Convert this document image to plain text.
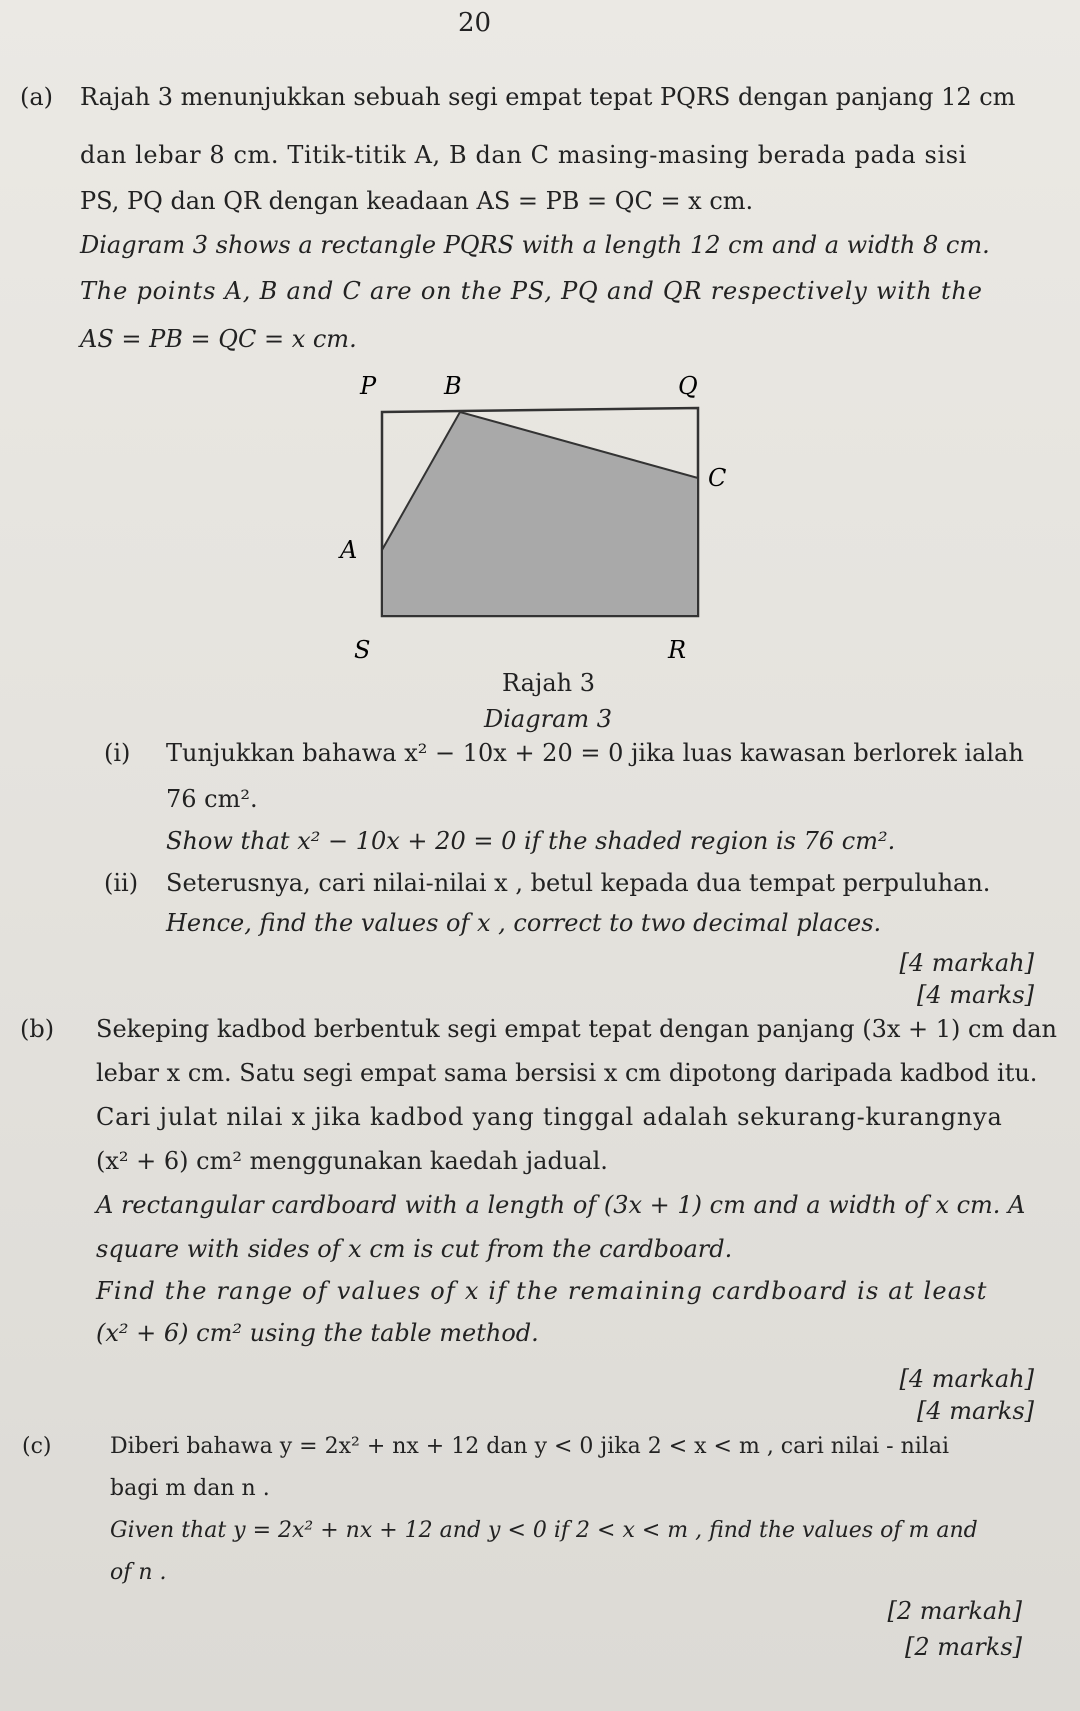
20
(a) Rajah 3 menunjukkan sebuah segi empat tepat PQRS dengan panjang 12 cm
dan lebar 8 cm. Titik-titik A, B dan C masing-masing berada pada sisi
PS, PQ dan QR dengan keadaan AS = PB = QC = x cm.
Diagram 3 shows a rectangle PQRS with a length 12 cm and a width 8 cm.
The points A, B and C are on the PS, PQ and QR respectively with the
AS = PB = QC = x cm.
P	B	Q
C
A
S	R
Rajah 3
Diagram 3
(i) Tunjukkan bahawa x² − 10x + 20 = 0 jika luas kawasan berlorek ialah
76 cm².
Show that x² − 10x + 20 = 0 if the shaded region is 76 cm².
(ii) Seterusnya, cari nilai-nilai x , betul kepada dua tempat perpuluhan.
Hence, find the values of x , correct to two decimal places.
[4 markah]
[4 marks]
(b) Sekeping kadbod berbentuk segi empat tepat dengan panjang (3x + 1) cm dan
lebar x cm. Satu segi empat sama bersisi x cm dipotong daripada kadbod itu.
Cari julat nilai x jika kadbod yang tinggal adalah sekurang-kurangnya
(x² + 6) cm² menggunakan kaedah jadual.
A rectangular cardboard with a length of (3x + 1) cm and a width of x cm. A
square with sides of x cm is cut from the cardboard.
Find the range of values of x if the remaining cardboard is at least
(x² + 6) cm² using the table method.
[4 markah]
[4 marks]
(c)	Diberi bahawa y = 2x² + nx + 12 dan y < 0 jika 2 < x < m , cari nilai - nilai
bagi m dan n .
Given that y = 2x² + nx + 12 and y < 0 if 2 < x < m , find the values of m and
of n .
[2 markah]
[2 marks]
